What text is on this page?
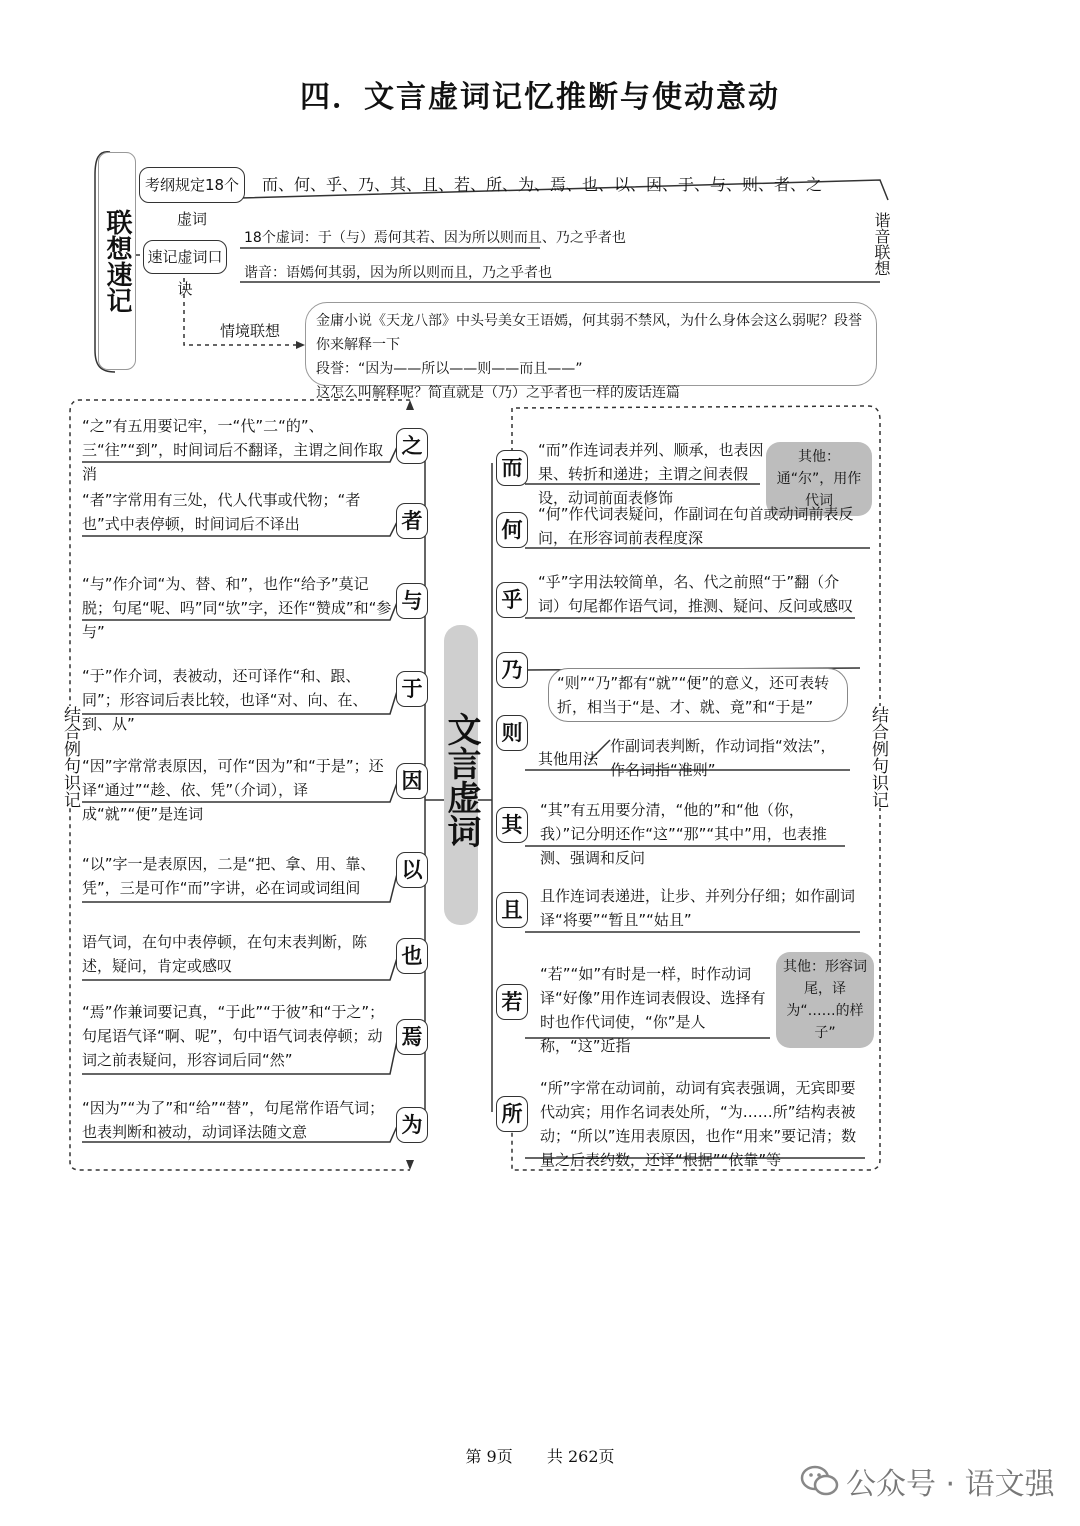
四．文言虚词记忆推断与使动意动
联想速记
考纲规定18个虚词
而、何、乎、乃、其、且、若、所、为、焉、也、以、因、于、与、则、者、之
速记虚词口诀
18个虚词：于（与）焉何其若、因为所以则而且、乃之乎者也
谐音：语嫣何其弱，因为所以则而且，乃之乎者也	谐音联想
情境联想
金庸小说《天龙八部》中头号美女王语嫣，何其弱不禁风，为什么身体会这么弱呢？段誉你来解释一下
段誉：“因为——所以——则——而且——”
这怎么叫解释呢？简直就是（乃）之乎者也一样的废话连篇
文言虚词
结合例句识记	结合例句识记
之
“之”有五用要记牢，一“代”二“的”、三“往”“到”，时间词后不翻译，主谓之间作取消
者
“者”字常用有三处，代人代事或代物；“者也”式中表停顿，时间词后不译出
与
“与”作介词“为、替、和”，也作“给予”莫记脱；句尾“呢、吗”同“欤”字，还作“赞成”和“参与”
于
“于”作介词，表被动，还可译作“和、跟、同”；形容词后表比较，也译“对、向、在、到、从”
因
“因”字常常表原因，可作“因为”和“于是”；还译“通过”“趁、依、凭”（介词），译成“就”“便”是连词
以
“以”字一是表原因，二是“把、拿、用、靠、凭”，三是可作“而”字讲，必在词或词组间
也
语气词，在句中表停顿，在句末表判断，陈述，疑问，肯定或感叹
焉
“焉”作兼词要记真，“于此”“于彼”和“于之”；句尾语气译“啊、呢”，句中语气词表停顿；动词之前表疑问，形容词后同“然”
为
“因为”“为了”和“给”“替”，句尾常作语气词；也表判断和被动，动词译法随文意
而
“而”作连词表并列、顺承，也表因果、转折和递进；主谓之间表假设，动词前面表修饰
其他：通“尔”，用作代词
何
“何”作代词表疑问，作副词在句首或动词前表反问，在形容词前表程度深
乎
“乎”字用法较简单，名、代之前照“于”翻（介词）句尾都作语气词，推测、疑问、反问或感叹
乃
“则”“乃”都有“就”“便”的意义，还可表转折，相当于“是、才、就、竟”和“于是”
则
其他用法
作副词表判断，作动词指“效法”，作名词指“准则”
其
“其”有五用要分清，“他的”和“他（你，我）”记分明还作“这”“那”“其中”用，也表推测、强调和反问
且
且作连词表递进，让步、并列分仔细；如作副词译“将要”“暂且”“姑且”
若
“若”“如”有时是一样，时作动词译“好像”用作连词表假设、选择有时也作代词使，“你”是人称，“这”近指
其他：形容词尾，译为“……的样子”
所
“所”字常在动词前，动词有宾表强调，无宾即要代动宾；用作名词表处所，“为……所”结构表被动；“所以”连用表原因，也作“用来”要记清；数量之后表约数，还译“根据”“依靠”等
第 9页 共 262页
公众号 · 语文强
